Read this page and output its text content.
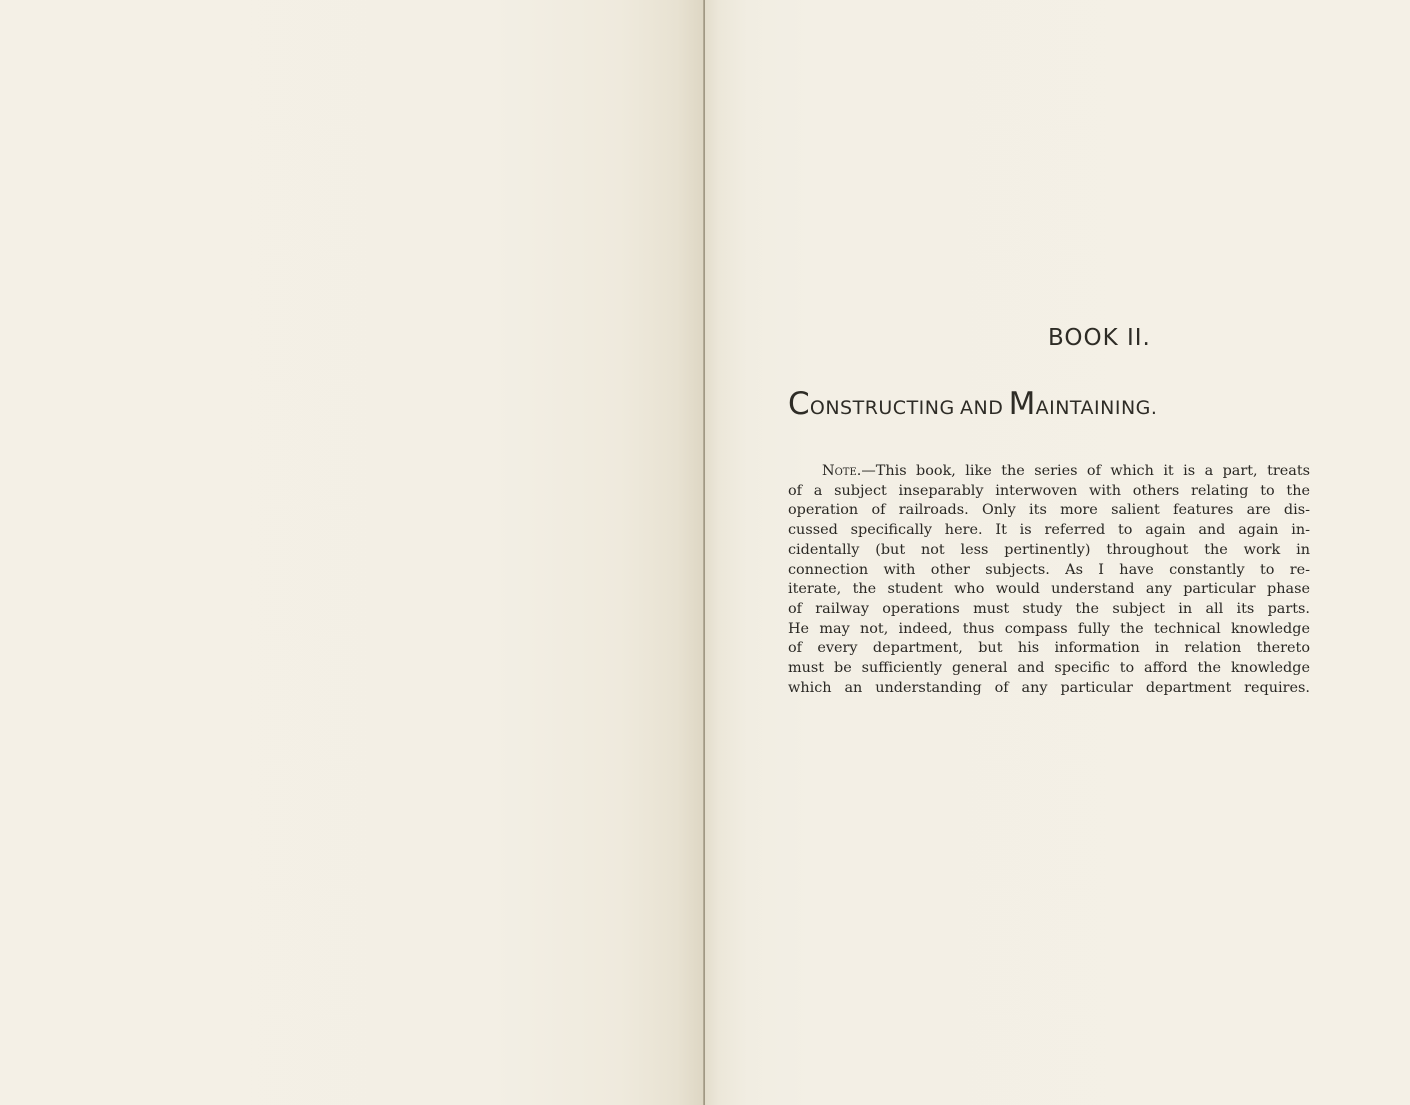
BOOK II.
CONSTRUCTING AND MAINTAINING.
Note.—This book, like the series of which it is a part, treats
of a subject inseparably interwoven with others relating to the
operation of railroads. Only its more salient features are dis-
cussed specifically here. It is referred to again and again in-
cidentally (but not less pertinently) throughout the work in
connection with other subjects. As I have constantly to re-
iterate, the student who would understand any particular phase
of railway operations must study the subject in all its parts.
He may not, indeed, thus compass fully the technical knowledge
of every department, but his information in relation thereto
must be sufficiently general and specific to afford the knowledge
which an understanding of any particular department requires.
